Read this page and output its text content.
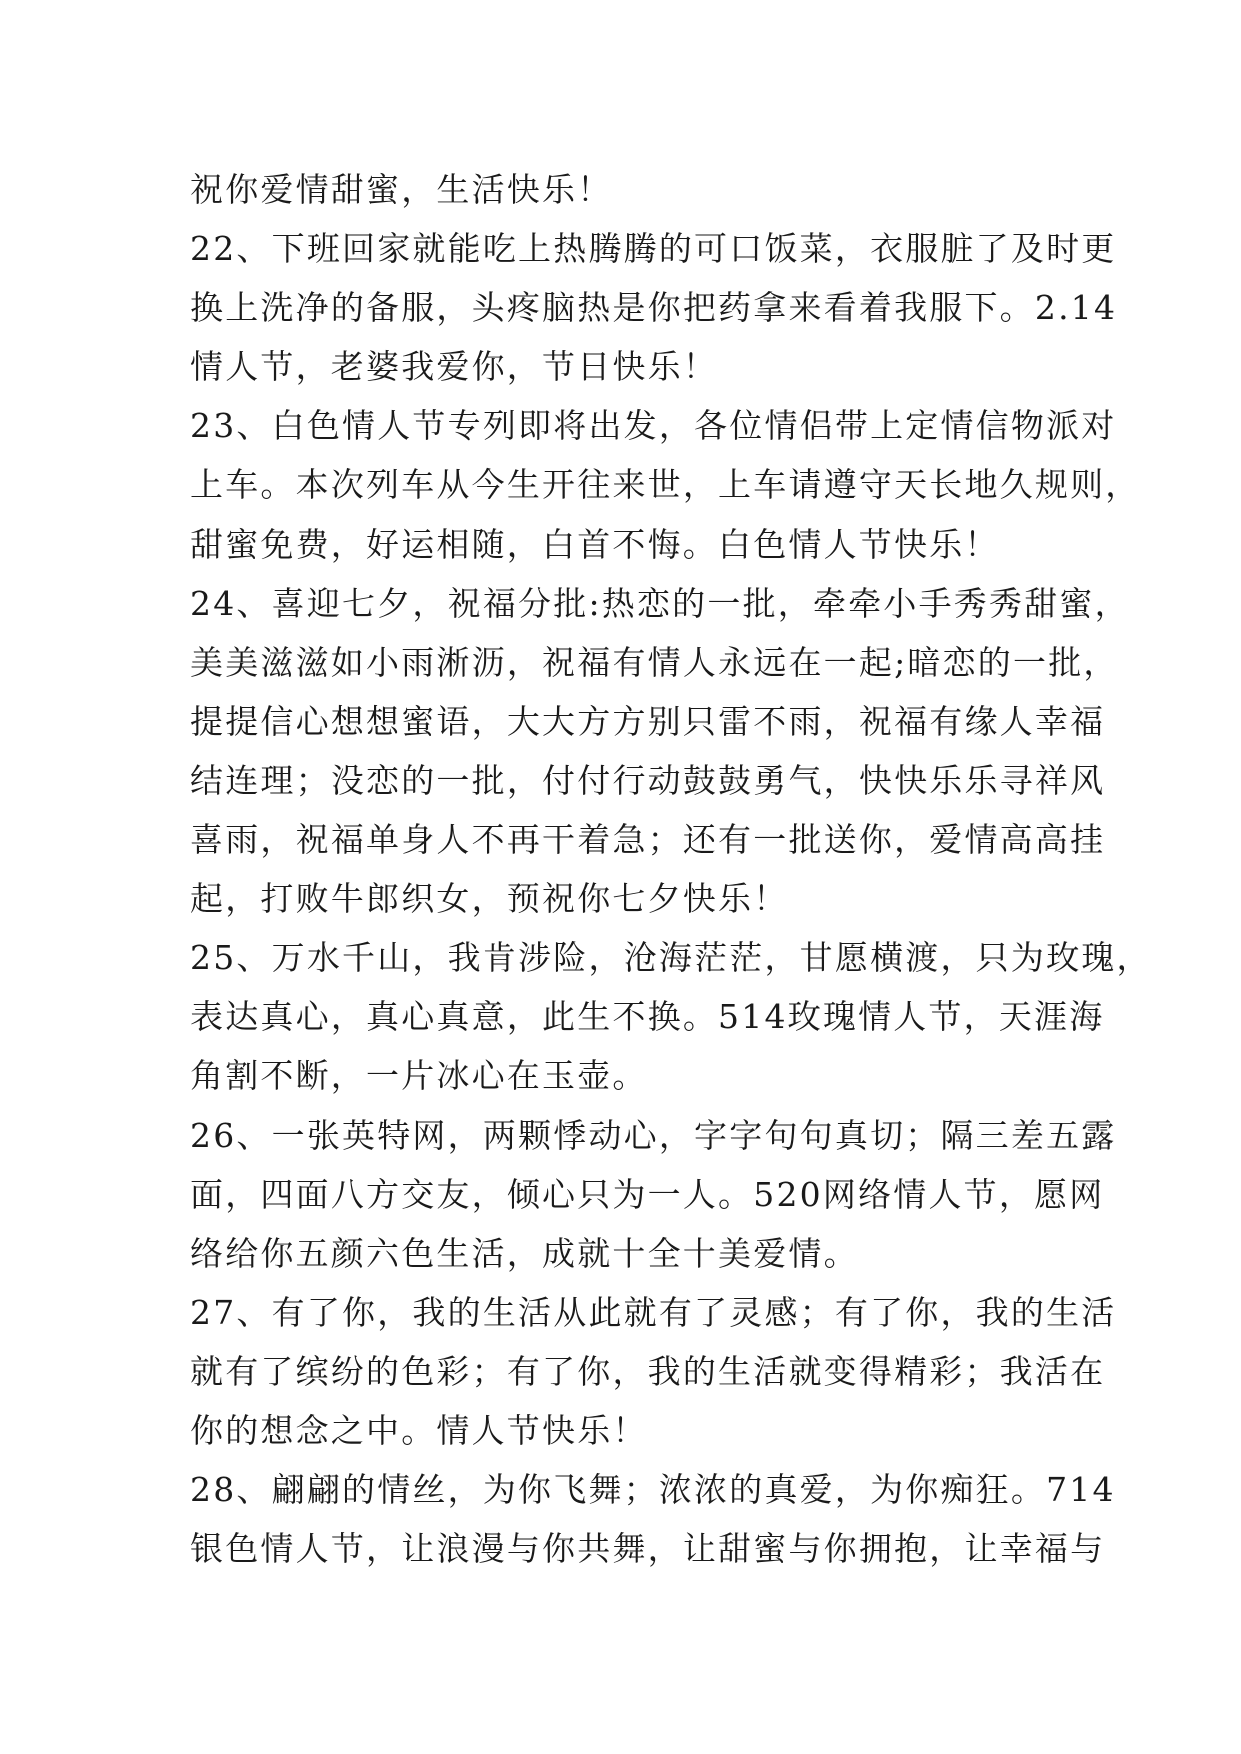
祝你爱情甜蜜，生活快乐！
2 2 、 下 班 回 家 就 能 吃 上 热 腾 腾 的 可 口 饭 菜 ， 衣 服 脏 了 及 时 更
换 上 洗 净 的 备 服 ， 头 疼 脑 热 是 你 把 药 拿 来 看 着 我 服 下 。 2 . 1 4
情人节，老婆我爱你，节日快乐！
2 3 、 白 色 情 人 节 专 列 即 将 出 发 ， 各 位 情 侣 带 上 定 情 信 物 派 对
上 车 。 本 次 列 车 从 今 生 开 往 来 世 ， 上 车 请 遵 守 天 长 地 久 规 则 ，
甜蜜免费，好运相随，白首不悔。白色情人节快乐！
2 4 、 喜 迎 七 夕 ， 祝 福 分 批 : 热 恋 的 一 批 ， 牵 牵 小 手 秀 秀 甜 蜜 ，
美 美 滋 滋 如 小 雨 淅 沥 ， 祝 福 有 情 人 永 远 在 一 起 ; 暗 恋 的 一 批 ，
提 提 信 心 想 想 蜜 语 ， 大 大 方 方 别 只 雷 不 雨 ， 祝 福 有 缘 人 幸 福
结 连 理 ； 没 恋 的 一 批 ， 付 付 行 动 鼓 鼓 勇 气 ， 快 快 乐 乐 寻 祥 风
喜 雨 ， 祝 福 单 身 人 不 再 干 着 急 ； 还 有 一 批 送 你 ， 爱 情 高 高 挂
起，打败牛郎织女，预祝你七夕快乐！
2 5 、 万 水 千 山 ， 我 肯 涉 险 ， 沧 海 茫 茫 ， 甘 愿 横 渡 ， 只 为 玫 瑰 ，
表 达 真 心 ， 真 心 真 意 ， 此 生 不 换 。 5 1 4 玫 瑰 情 人 节 ， 天 涯 海
角割不断，一片冰心在玉壶。
2 6 、 一 张 英 特 网 ， 两 颗 悸 动 心 ， 字 字 句 句 真 切 ； 隔 三 差 五 露
面 ， 四 面 八 方 交 友 ， 倾 心 只 为 一 人 。 5 2 0 网 络 情 人 节 ， 愿 网
络给你五颜六色生活，成就十全十美爱情。
2 7 、 有 了 你 ， 我 的 生 活 从 此 就 有 了 灵 感 ； 有 了 你 ， 我 的 生 活
就 有 了 缤 纷 的 色 彩 ； 有 了 你 ， 我 的 生 活 就 变 得 精 彩 ； 我 活 在
你的想念之中。情人节快乐！
2 8 、 翩 翩 的 情 丝 ， 为 你 飞 舞 ； 浓 浓 的 真 爱 ， 为 你 痴 狂 。 7 1 4
银 色 情 人 节 ， 让 浪 漫 与 你 共 舞 ， 让 甜 蜜 与 你 拥 抱 ， 让 幸 福 与
